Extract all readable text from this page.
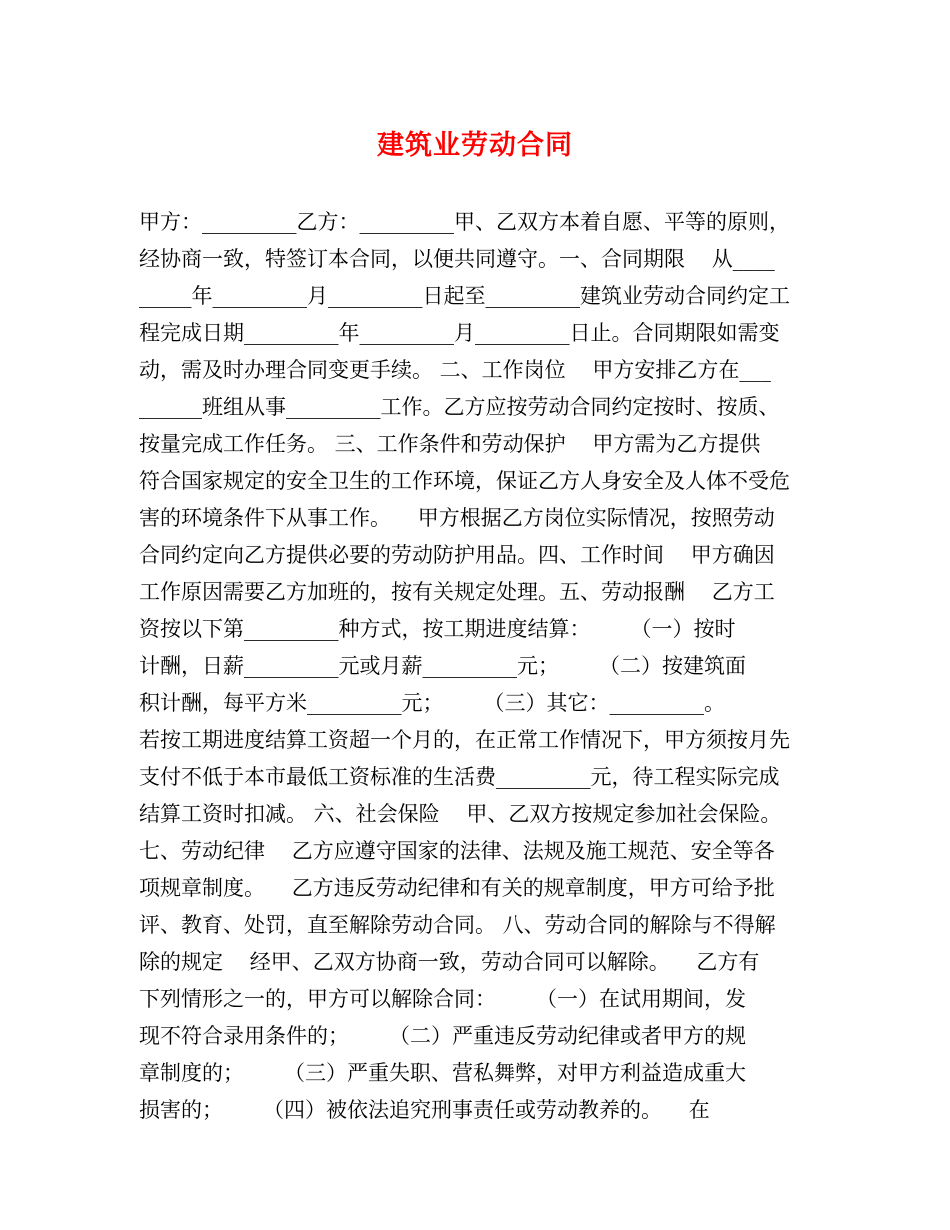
建筑业劳动合同
甲方：_________乙方：_________甲、乙双方本着自愿、平等的原则，
经协商一致，特签订本合同，以便共同遵守。一、合同期限    从____
_____年_________月_________日起至_________建筑业劳动合同约定工
程完成日期_________年_________月_________日止。合同期限如需变
动，需及时办理合同变更手续。 二、工作岗位    甲方安排乙方在___
______班组从事_________工作。乙方应按劳动合同约定按时、按质、
按量完成工作任务。 三、工作条件和劳动保护    甲方需为乙方提供
符合国家规定的安全卫生的工作环境，保证乙方人身安全及人体不受危
害的环境条件下从事工作。    甲方根据乙方岗位实际情况，按照劳动
合同约定向乙方提供必要的劳动防护用品。四、工作时间    甲方确因
工作原因需要乙方加班的，按有关规定处理。五、劳动报酬    乙方工
资按以下第_________种方式，按工期进度结算：      （一）按时
计酬，日薪_________元或月薪_________元；      （二）按建筑面
积计酬，每平方米_________元；      （三）其它：_________。
若按工期进度结算工资超一个月的，在正常工作情况下，甲方须按月先
支付不低于本市最低工资标准的生活费_________元，待工程实际完成
结算工资时扣减。 六、社会保险    甲、乙双方按规定参加社会保险。
七、劳动纪律    乙方应遵守国家的法律、法规及施工规范、安全等各
项规章制度。    乙方违反劳动纪律和有关的规章制度，甲方可给予批
评、教育、处罚，直至解除劳动合同。 八、劳动合同的解除与不得解
除的规定    经甲、乙双方协商一致，劳动合同可以解除。    乙方有
下列情形之一的，甲方可以解除合同：      （一）在试用期间，发
现不符合录用条件的；      （二）严重违反劳动纪律或者甲方的规
章制度的；      （三）严重失职、营私舞弊，对甲方利益造成重大
损害的；      （四）被依法追究刑事责任或劳动教养的。    在
